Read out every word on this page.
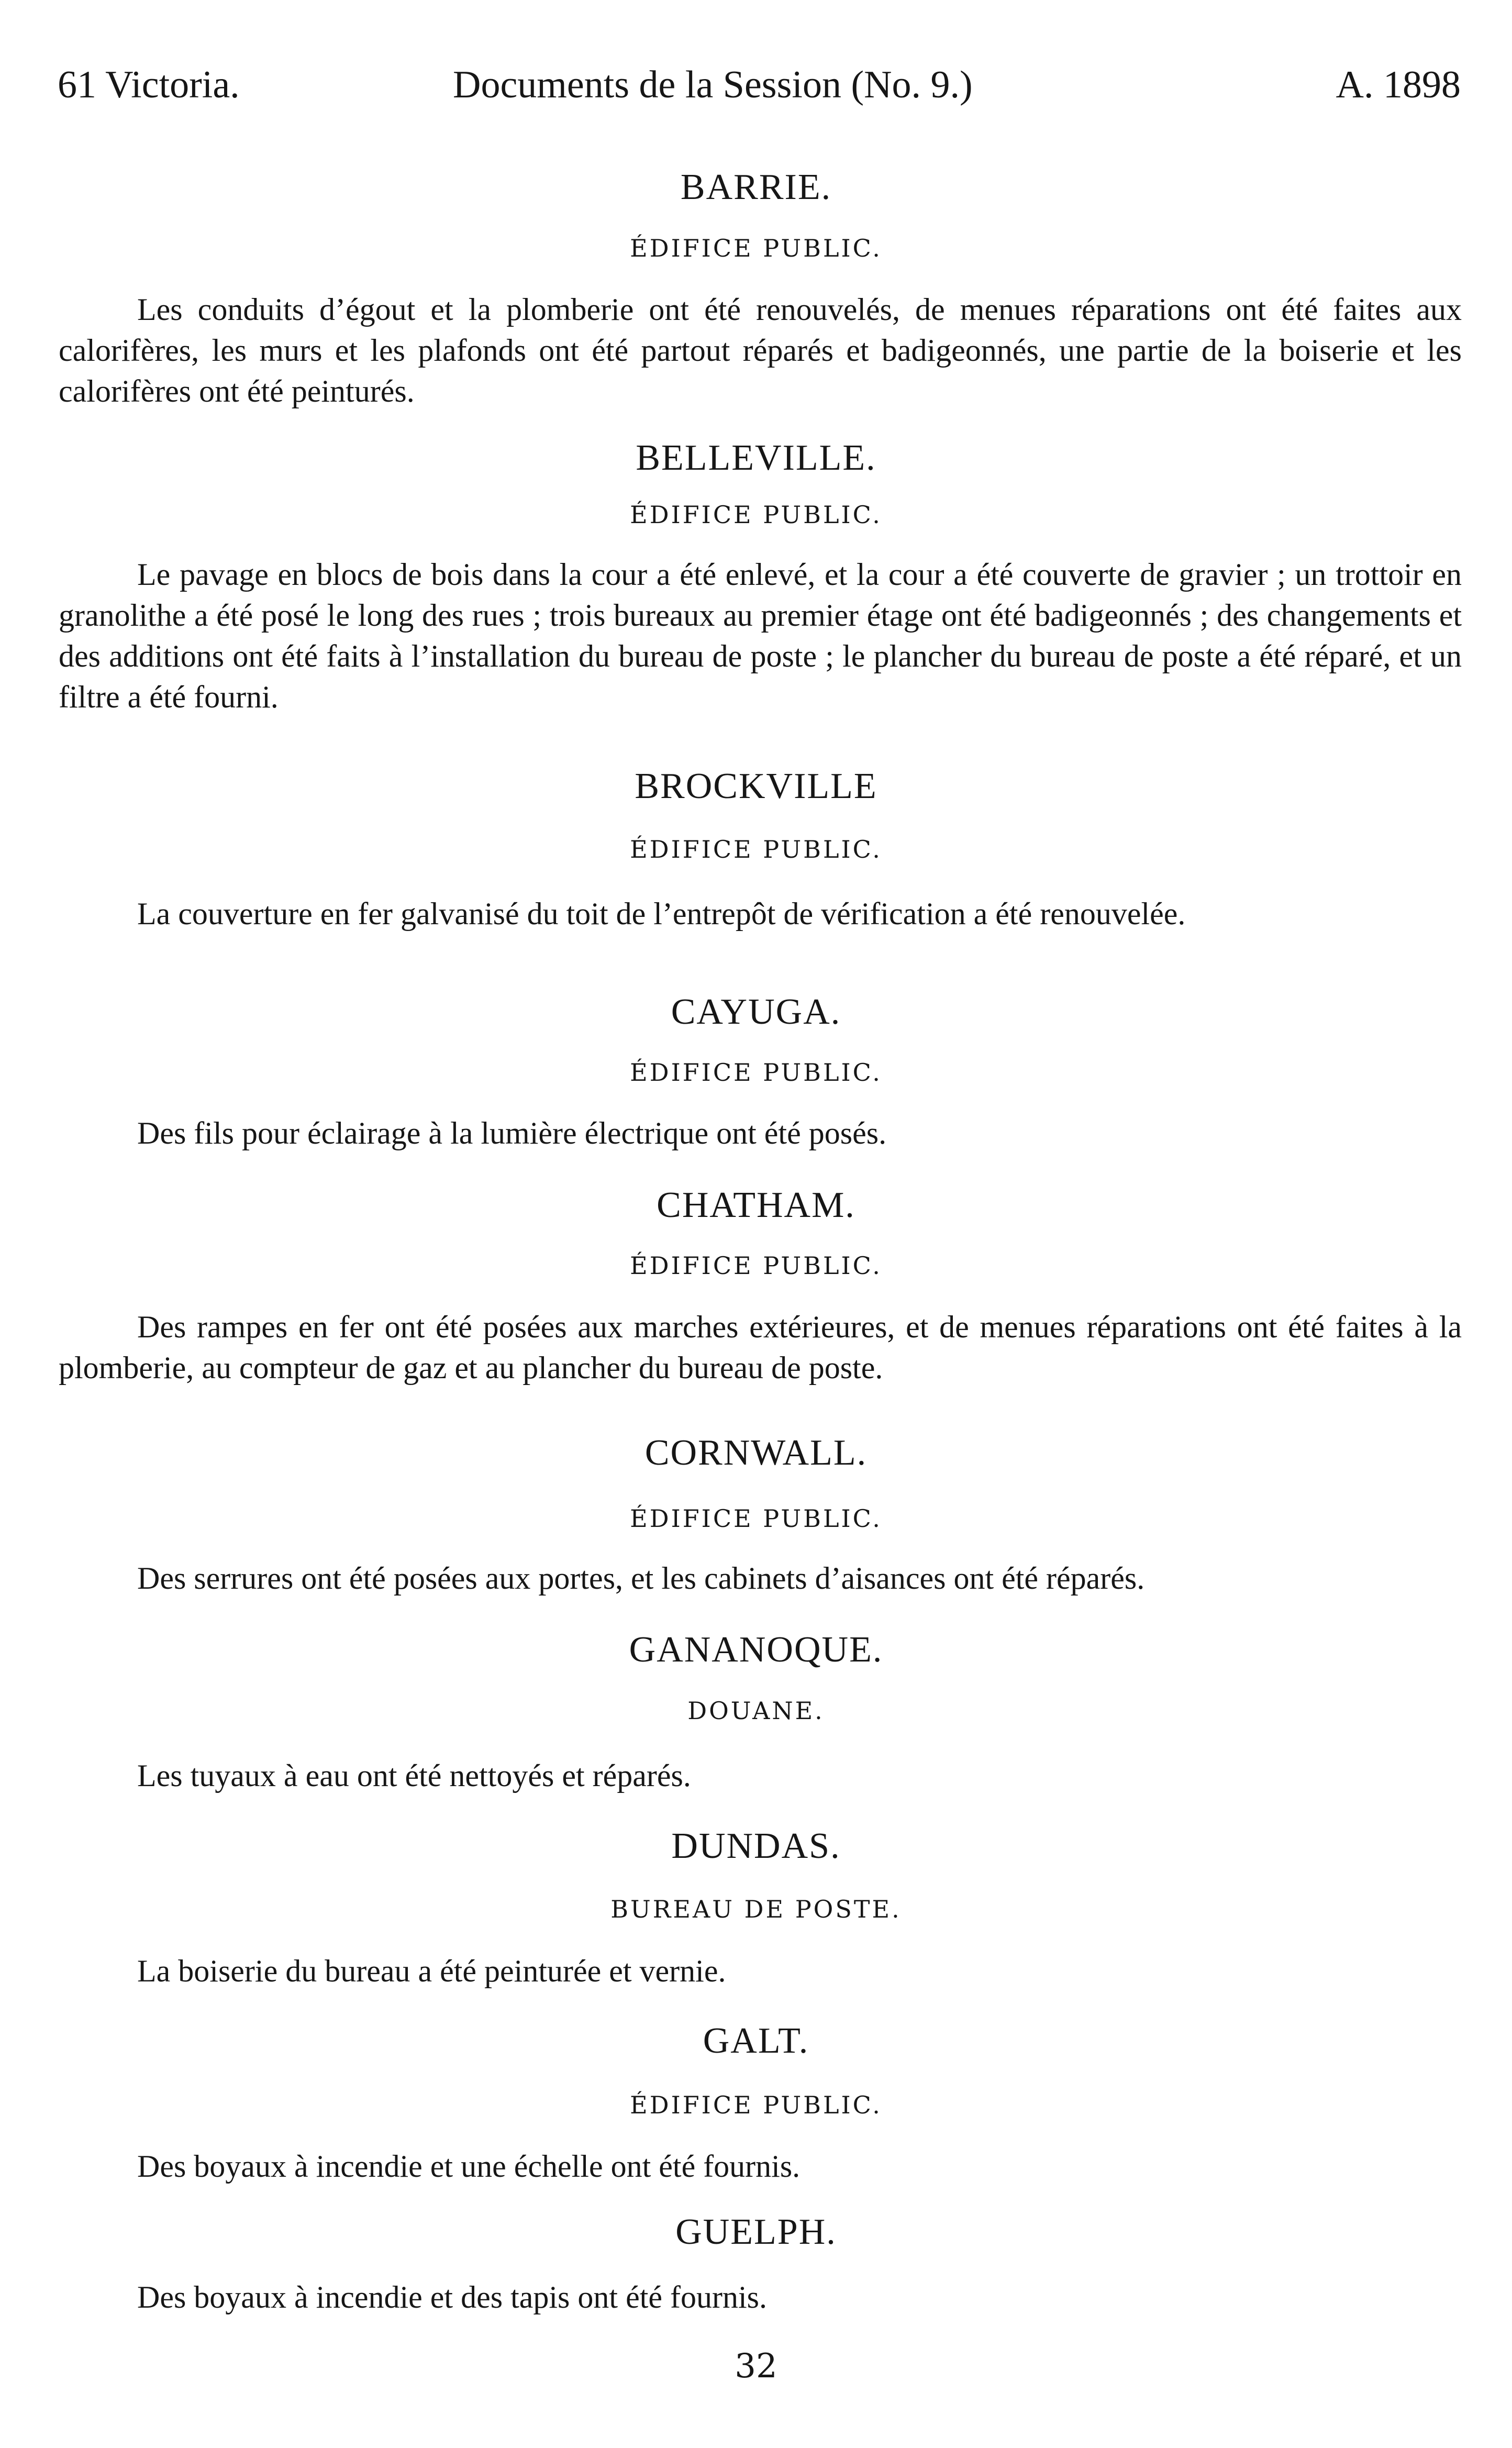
61 Victoria.	Documents de la Session (No. 9.)	A. 1898
BARRIE.
ÉDIFICE PUBLIC.
Les conduits d’égout et la plomberie ont été renouvelés, de menues réparations ont été faites aux calorifères, les murs et les plafonds ont été partout réparés et badigeonnés, une partie de la boiserie et les calorifères ont été peinturés.
BELLEVILLE.
ÉDIFICE PUBLIC.
Le pavage en blocs de bois dans la cour a été enlevé, et la cour a été couverte de gravier ; un trottoir en granolithe a été posé le long des rues ; trois bureaux au premier étage ont été badigeonnés ; des changements et des additions ont été faits à l’installation du bureau de poste ; le plancher du bureau de poste a été réparé, et un filtre a été fourni.
BROCKVILLE
ÉDIFICE PUBLIC.
La couverture en fer galvanisé du toit de l’entrepôt de vérification a été renouvelée.
CAYUGA.
ÉDIFICE PUBLIC.
Des fils pour éclairage à la lumière électrique ont été posés.
CHATHAM.
ÉDIFICE PUBLIC.
Des rampes en fer ont été posées aux marches extérieures, et de menues réparations ont été faites à la plomberie, au compteur de gaz et au plancher du bureau de poste.
CORNWALL.
ÉDIFICE PUBLIC.
Des serrures ont été posées aux portes, et les cabinets d’aisances ont été réparés.
GANANOQUE.
DOUANE.
Les tuyaux à eau ont été nettoyés et réparés.
DUNDAS.
BUREAU DE POSTE.
La boiserie du bureau a été peinturée et vernie.
GALT.
ÉDIFICE PUBLIC.
Des boyaux à incendie et une échelle ont été fournis.
GUELPH.
Des boyaux à incendie et des tapis ont été fournis.
32
